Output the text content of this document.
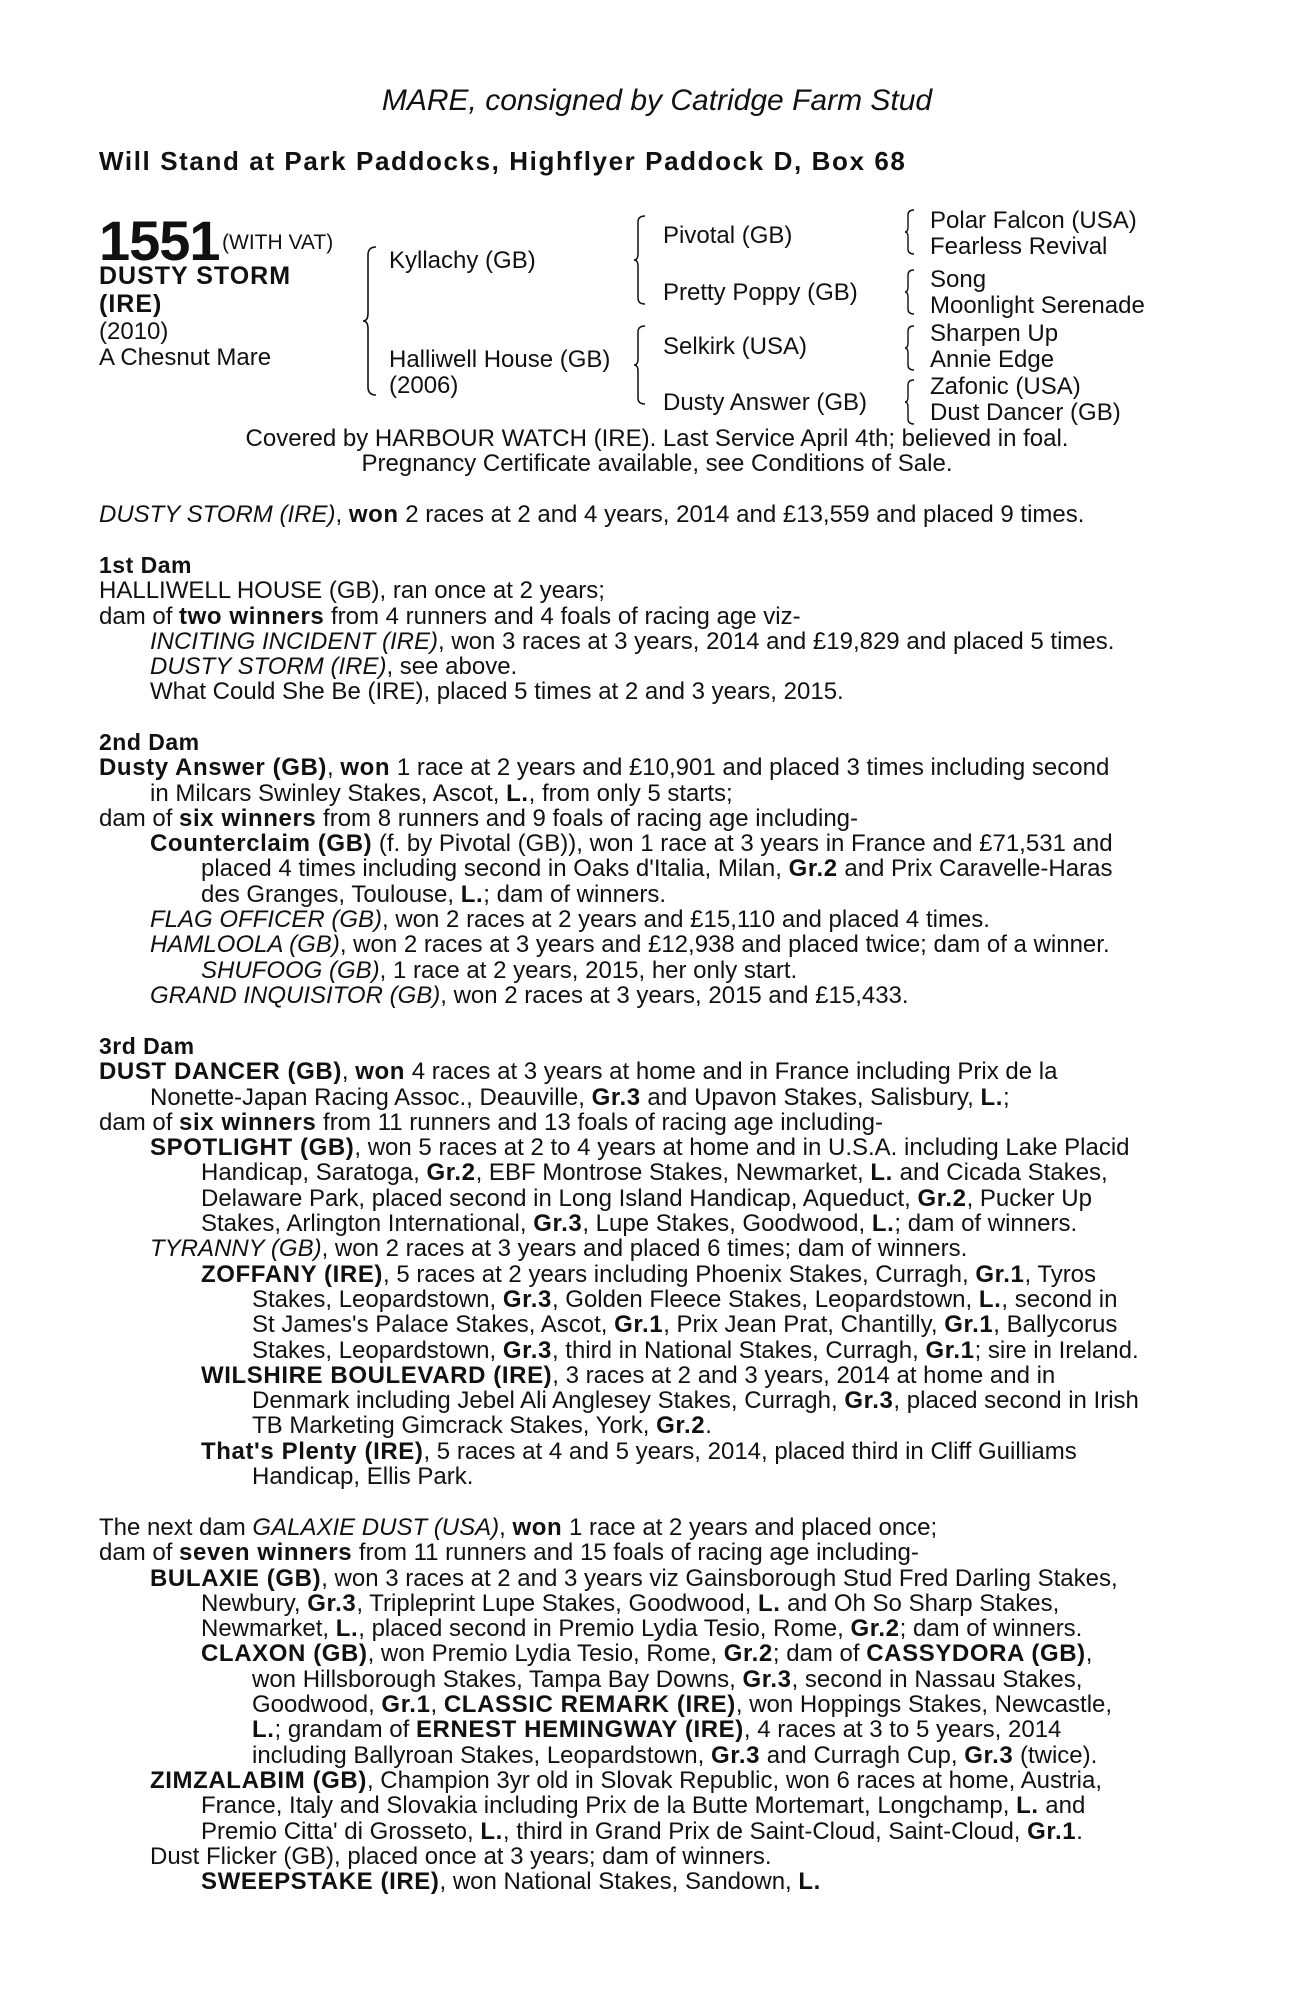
MARE, consigned by Catridge Farm Stud
Will Stand at Park Paddocks, Highflyer Paddock D, Box 68
1551 (WITH VAT)
DUSTY STORM
(IRE)
(2010)
A Chesnut Mare
Kyllachy (GB)
Halliwell House (GB)
(2006)
Pivotal (GB)
Pretty Poppy (GB)
Selkirk (USA)
Dusty Answer (GB)
Polar Falcon (USA)
Fearless Revival
Song
Moonlight Serenade
Sharpen Up
Annie Edge
Zafonic (USA)
Dust Dancer (GB)
Covered by HARBOUR WATCH (IRE). Last Service April 4th; believed in foal.
Pregnancy Certificate available, see Conditions of Sale.
DUSTY STORM (IRE), won 2 races at 2 and 4 years, 2014 and £13,559 and placed 9 times.
1st Dam
HALLIWELL HOUSE (GB), ran once at 2 years;
dam of two winners from 4 runners and 4 foals of racing age viz-
INCITING INCIDENT (IRE), won 3 races at 3 years, 2014 and £19,829 and placed 5 times.
DUSTY STORM (IRE), see above.
What Could She Be (IRE), placed 5 times at 2 and 3 years, 2015.
2nd Dam
Dusty Answer (GB), won 1 race at 2 years and £10,901 and placed 3 times including second
in Milcars Swinley Stakes, Ascot, L., from only 5 starts;
dam of six winners from 8 runners and 9 foals of racing age including-
Counterclaim (GB) (f. by Pivotal (GB)), won 1 race at 3 years in France and £71,531 and
placed 4 times including second in Oaks d'Italia, Milan, Gr.2 and Prix Caravelle-Haras
des Granges, Toulouse, L.; dam of winners.
FLAG OFFICER (GB), won 2 races at 2 years and £15,110 and placed 4 times.
HAMLOOLA (GB), won 2 races at 3 years and £12,938 and placed twice; dam of a winner.
SHUFOOG (GB), 1 race at 2 years, 2015, her only start.
GRAND INQUISITOR (GB), won 2 races at 3 years, 2015 and £15,433.
3rd Dam
DUST DANCER (GB), won 4 races at 3 years at home and in France including Prix de la
Nonette-Japan Racing Assoc., Deauville, Gr.3 and Upavon Stakes, Salisbury, L.;
dam of six winners from 11 runners and 13 foals of racing age including-
SPOTLIGHT (GB), won 5 races at 2 to 4 years at home and in U.S.A. including Lake Placid
Handicap, Saratoga, Gr.2, EBF Montrose Stakes, Newmarket, L. and Cicada Stakes,
Delaware Park, placed second in Long Island Handicap, Aqueduct, Gr.2, Pucker Up
Stakes, Arlington International, Gr.3, Lupe Stakes, Goodwood, L.; dam of winners.
TYRANNY (GB), won 2 races at 3 years and placed 6 times; dam of winners.
ZOFFANY (IRE), 5 races at 2 years including Phoenix Stakes, Curragh, Gr.1, Tyros
Stakes, Leopardstown, Gr.3, Golden Fleece Stakes, Leopardstown, L., second in
St James's Palace Stakes, Ascot, Gr.1, Prix Jean Prat, Chantilly, Gr.1, Ballycorus
Stakes, Leopardstown, Gr.3, third in National Stakes, Curragh, Gr.1; sire in Ireland.
WILSHIRE BOULEVARD (IRE), 3 races at 2 and 3 years, 2014 at home and in
Denmark including Jebel Ali Anglesey Stakes, Curragh, Gr.3, placed second in Irish
TB Marketing Gimcrack Stakes, York, Gr.2.
That's Plenty (IRE), 5 races at 4 and 5 years, 2014, placed third in Cliff Guilliams
Handicap, Ellis Park.
The next dam GALAXIE DUST (USA), won 1 race at 2 years and placed once;
dam of seven winners from 11 runners and 15 foals of racing age including-
BULAXIE (GB), won 3 races at 2 and 3 years viz Gainsborough Stud Fred Darling Stakes,
Newbury, Gr.3, Tripleprint Lupe Stakes, Goodwood, L. and Oh So Sharp Stakes,
Newmarket, L., placed second in Premio Lydia Tesio, Rome, Gr.2; dam of winners.
CLAXON (GB), won Premio Lydia Tesio, Rome, Gr.2; dam of CASSYDORA (GB),
won Hillsborough Stakes, Tampa Bay Downs, Gr.3, second in Nassau Stakes,
Goodwood, Gr.1, CLASSIC REMARK (IRE), won Hoppings Stakes, Newcastle,
L.; grandam of ERNEST HEMINGWAY (IRE), 4 races at 3 to 5 years, 2014
including Ballyroan Stakes, Leopardstown, Gr.3 and Curragh Cup, Gr.3 (twice).
ZIMZALABIM (GB), Champion 3yr old in Slovak Republic, won 6 races at home, Austria,
France, Italy and Slovakia including Prix de la Butte Mortemart, Longchamp, L. and
Premio Citta' di Grosseto, L., third in Grand Prix de Saint-Cloud, Saint-Cloud, Gr.1.
Dust Flicker (GB), placed once at 3 years; dam of winners.
SWEEPSTAKE (IRE), won National Stakes, Sandown, L.
